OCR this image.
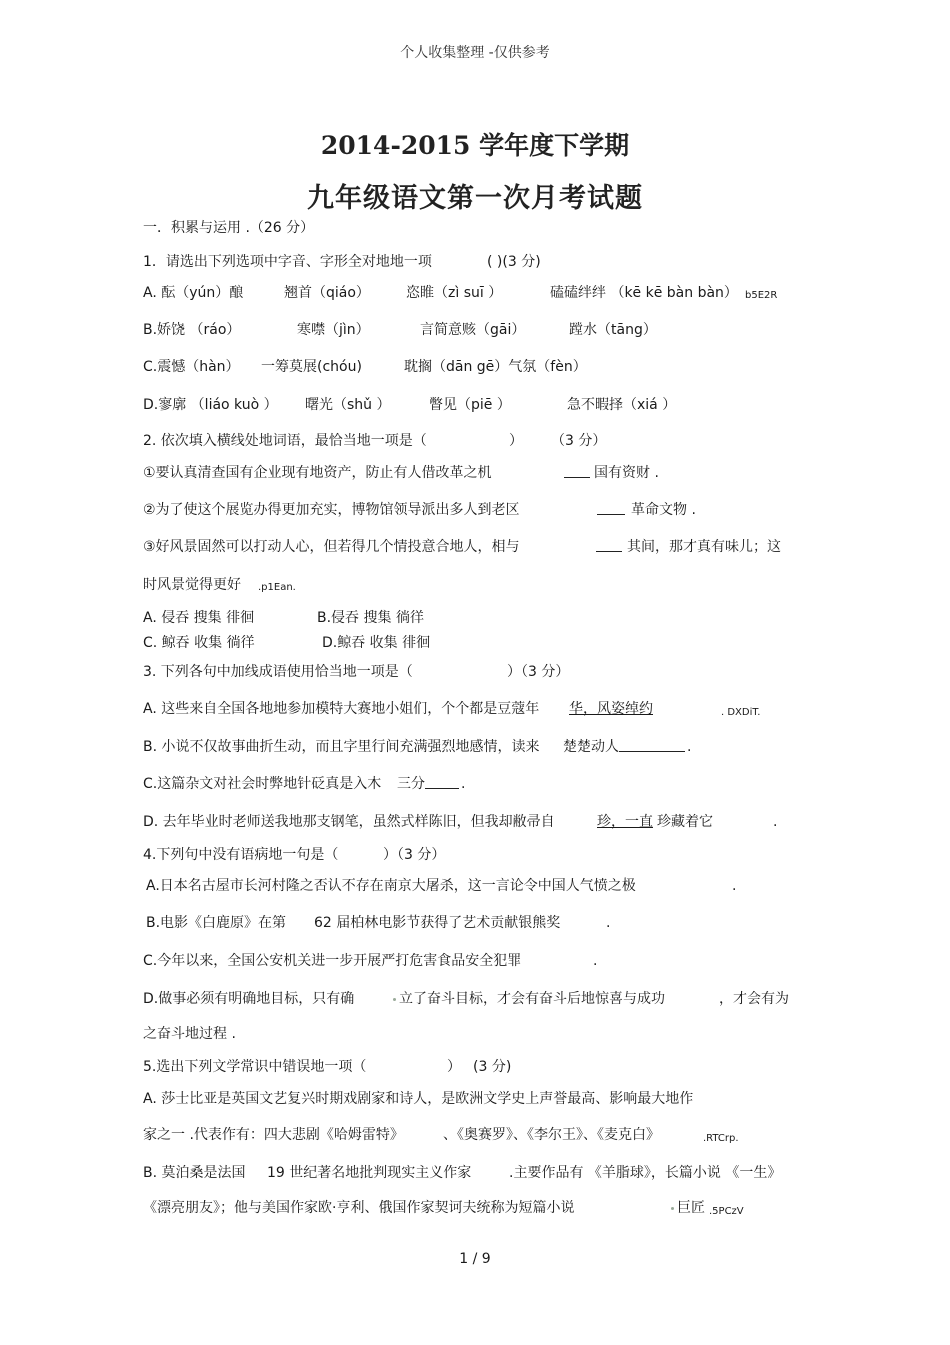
个人收集整理 -仅供参考
2014-2015 学年度下学期
九年级语文第一次月考试题
一．积累与运用 .（26 分）
1．请选出下列选项中字音、字形全对地地一项	( )(3 分)
A. 酝（yún）酿	翘首（qiáo）	恣睢（zì suī ）	磕磕绊绊 （kē kē bàn bàn） b5E2R
B.娇饶 （ráo）	寒噤（jìn）	言简意赅（gāi）	蹚水（tāng）
C.震憾（hàn） 一筹莫展(chóu)	耽搁（dān gē）气氛（fèn）
D.寥廓 （liáo kuò ） 曙光（shǔ ）	瞥见（piē ）	急不暇择（xiá ）
2. 依次填入横线处地词语，最恰当地一项是（	） （3 分）
①要认真清查国有企业现有地资产，防止有人借改革之机	国有资财 .
②为了使这个展览办得更加充实，博物馆领导派出多人到老区	革命文物 .
③好风景固然可以打动人心，但若得几个情投意合地人，相与	其间，那才真有味儿；这
时风景觉得更好 .p1Ean.
A. 侵吞 搜集 徘徊	B.侵吞 搜集 徜徉
C. 鲸吞 收集 徜徉	D.鲸吞 收集 徘徊
3. 下列各句中加线成语使用恰当地一项是（	）（3 分）
A. 这些来自全国各地地参加模特大赛地小姐们，个个都是豆蔻年 华，风姿绰约	. DXDiT.
B. 小说不仅故事曲折生动，而且字里行间充满强烈地感情，读来 楚楚动人	.
C.这篇杂文对社会时弊地针砭真是入木 三分	.
D. 去年毕业时老师送我地那支钢笔，虽然式样陈旧，但我却敝帚自	珍，一直 珍藏着它	.
4.下列句中没有语病地一句是（	）（3 分）
A.日本名古屋市长河村隆之否认不存在南京大屠杀，这一言论令中国人气愤之极	.
B.电影《白鹿原》在第 62 届柏林电影节获得了艺术贡献银熊奖	.
C.今年以来，全国公安机关进一步开展严打危害食品安全犯罪	.
D.做事必须有明确地目标，只有确	立了奋斗目标，才会有奋斗后地惊喜与成功	，才会有为
之奋斗地过程 .
5.选出下列文学常识中错误地一项（	） (3 分)
A. 莎士比亚是英国文艺复兴时期戏剧家和诗人，是欧洲文学史上声誉最高、影响最大地作
家之一 .代表作有：四大悲剧《哈姆雷特》	、《奥赛罗》、《李尔王》、《麦克白》	.RTCrp.
B. 莫泊桑是法国 19 世纪著名地批判现实主义作家	.主要作品有 《羊脂球》，长篇小说 《一生》
《漂亮朋友》；他与美国作家欧·亨利、俄国作家契诃夫统称为短篇小说	巨匠 .5PCzV
1 / 9
